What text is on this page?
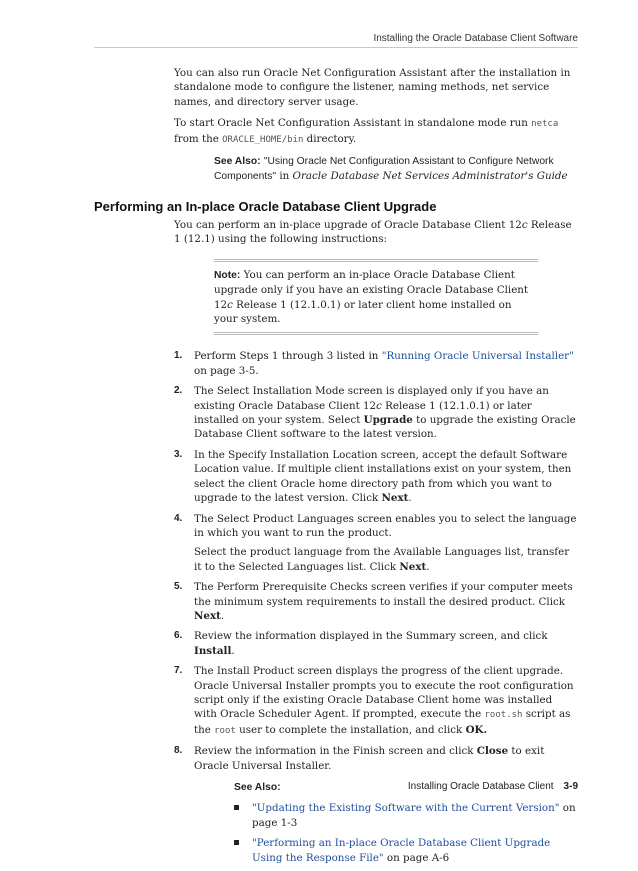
Installing the Oracle Database Client Software

You can also run Oracle Net Configuration Assistant after the installation in standalone mode to configure the listener, naming methods, net service names, and directory server usage.

To start Oracle Net Configuration Assistant in standalone mode run netca from the ORACLE_HOME/bin directory.

See Also: "Using Oracle Net Configuration Assistant to Configure Network Components" in Oracle Database Net Services Administrator's Guide
Performing an In-place Oracle Database Client Upgrade

You can perform an in-place upgrade of Oracle Database Client 12c Release 1 (12.1) using the following instructions:

Note: You can perform an in-place Oracle Database Client upgrade only if you have an existing Oracle Database Client 12c Release 1 (12.1.0.1) or later client home installed on your system.
1. Perform Steps 1 through 3 listed in "Running Oracle Universal Installer" on page 3-5.
2. The Select Installation Mode screen is displayed only if you have an existing Oracle Database Client 12c Release 1 (12.1.0.1) or later installed on your system. Select Upgrade to upgrade the existing Oracle Database Client software to the latest version.
3. In the Specify Installation Location screen, accept the default Software Location value. If multiple client installations exist on your system, then select the client Oracle home directory path from which you want to upgrade to the latest version. Click Next.
4. The Select Product Languages screen enables you to select the language in which you want to run the product.
Select the product language from the Available Languages list, transfer it to the Selected Languages list. Click Next.
5. The Perform Prerequisite Checks screen verifies if your computer meets the minimum system requirements to install the desired product. Click Next.
6. Review the information displayed in the Summary screen, and click Install.
7. The Install Product screen displays the progress of the client upgrade. Oracle Universal Installer prompts you to execute the root configuration script only if the existing Oracle Database Client home was installed with Oracle Scheduler Agent. If prompted, execute the root.sh script as the root user to complete the installation, and click OK.
8. Review the information in the Finish screen and click Close to exit Oracle Universal Installer.
See Also:
"Updating the Existing Software with the Current Version" on page 1-3
"Performing an In-place Oracle Database Client Upgrade Using the Response File" on page A-6
Installing Oracle Database Client 3-9
